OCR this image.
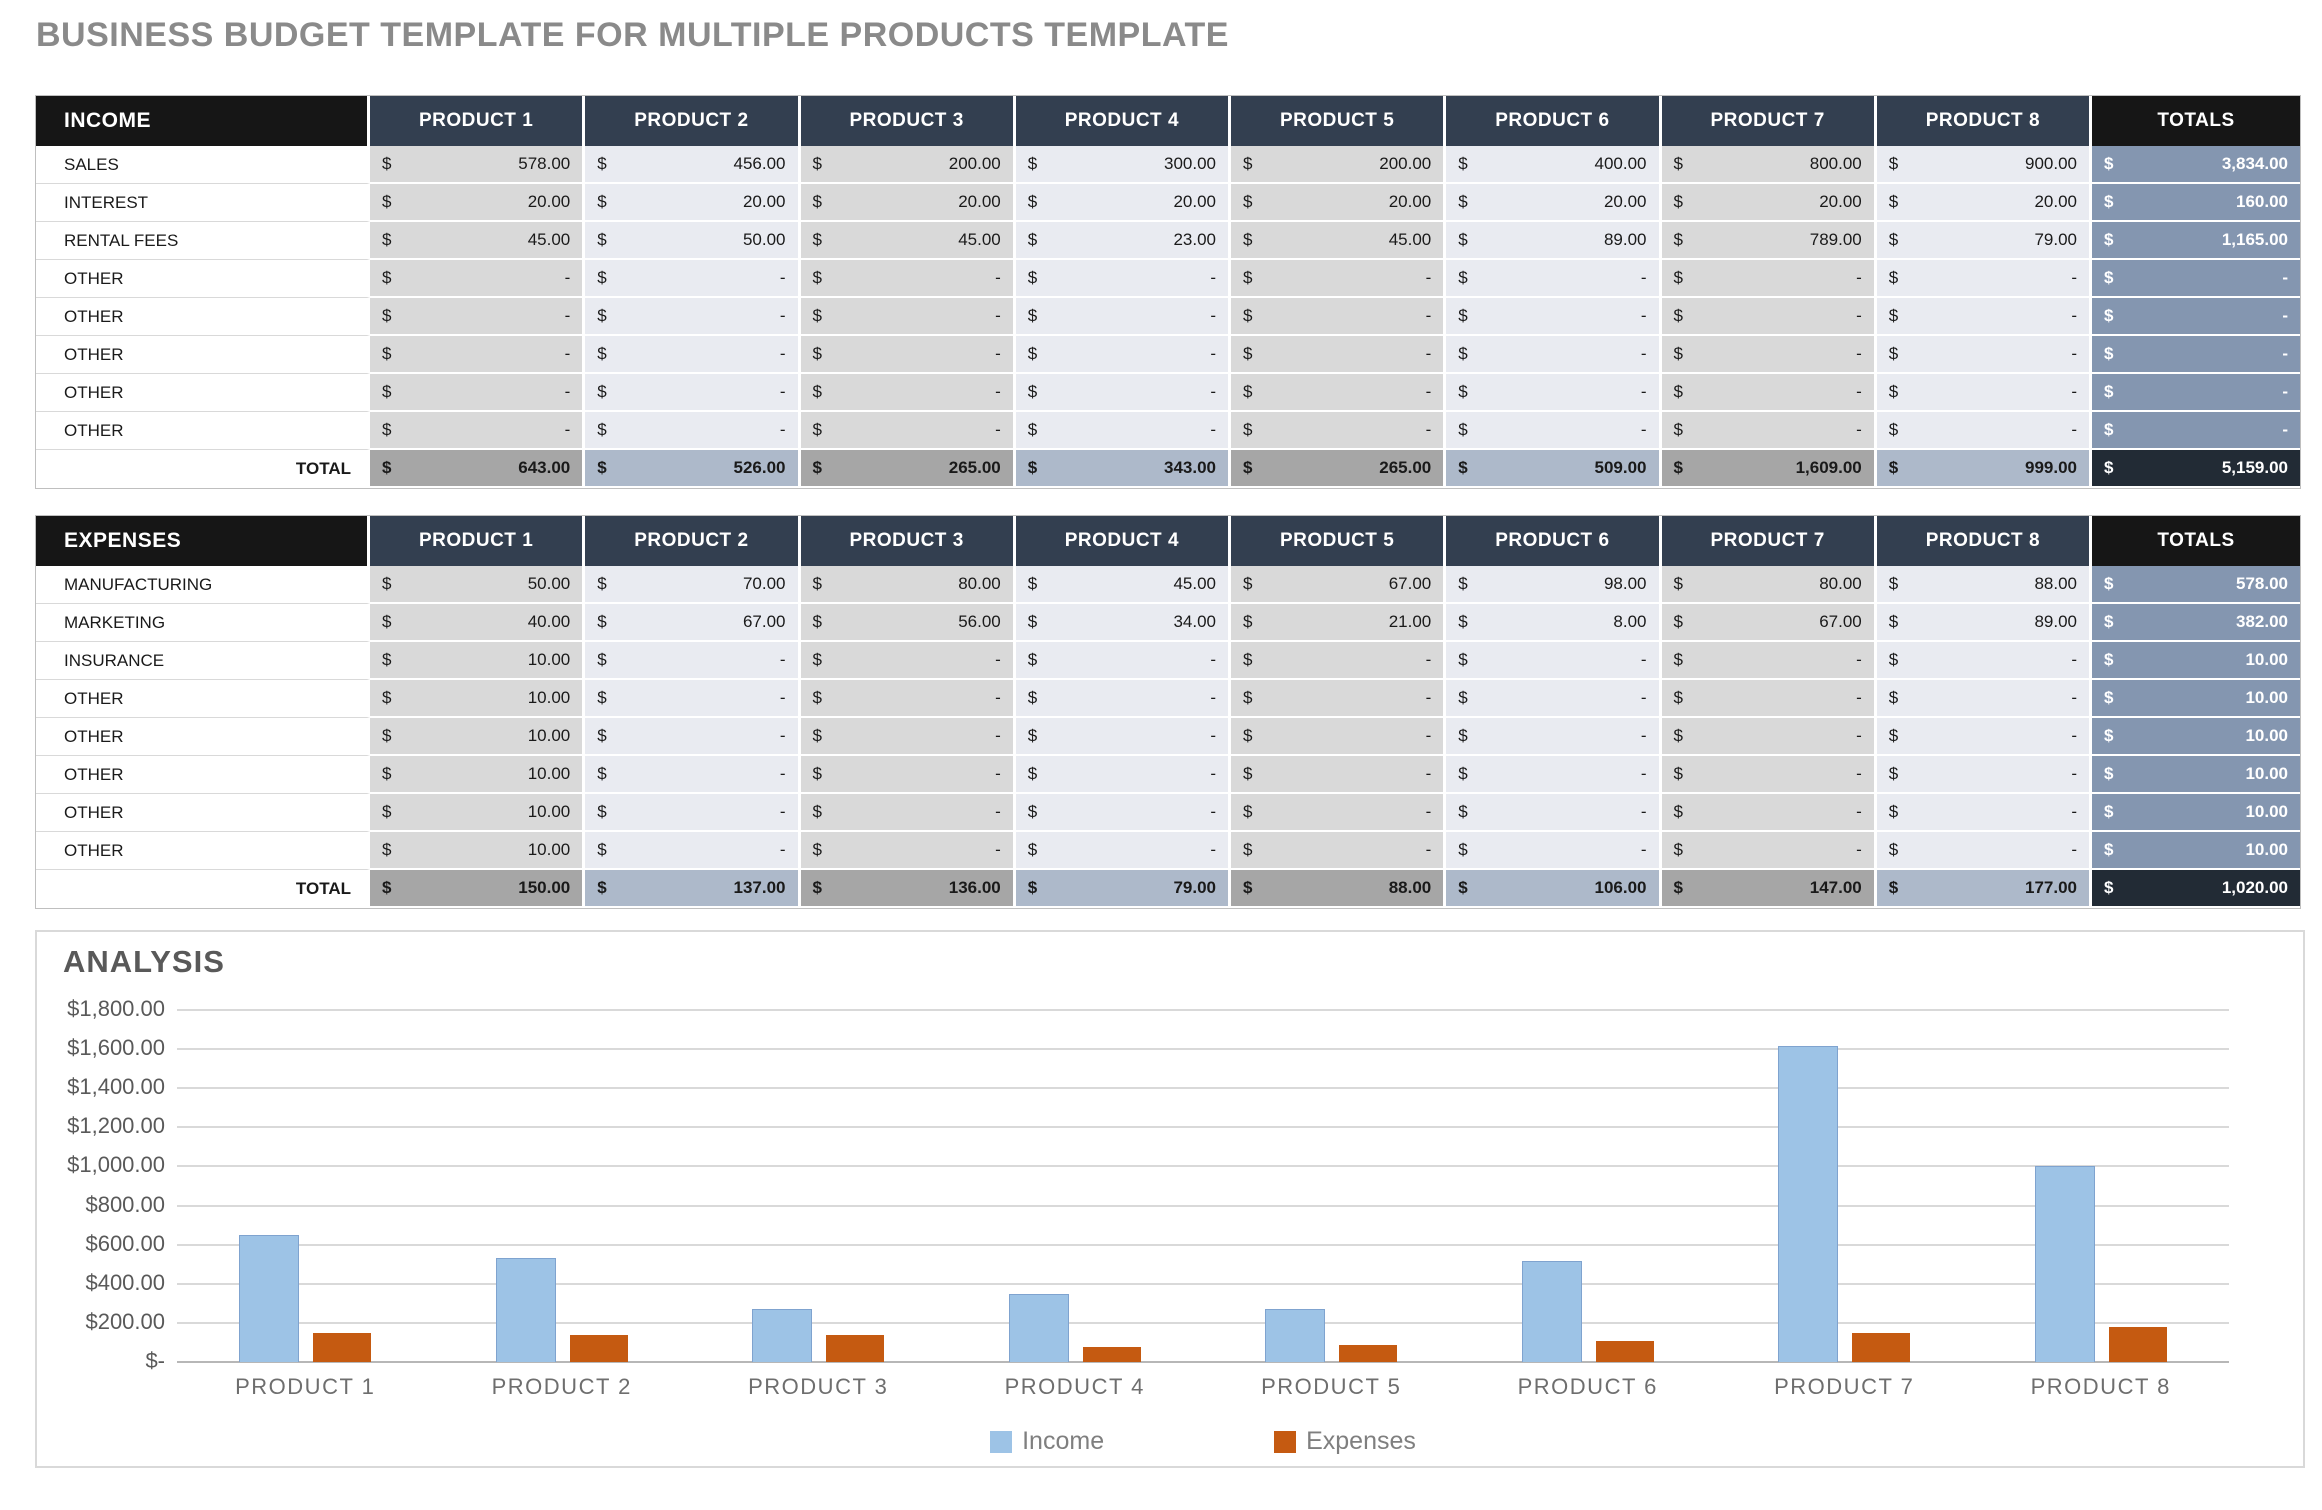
BUSINESS BUDGET TEMPLATE FOR MULTIPLE PRODUCTS TEMPLATE
INCOME	PRODUCT 1	PRODUCT 2	PRODUCT 3	PRODUCT 4	PRODUCT 5	PRODUCT 6	PRODUCT 7	PRODUCT 8	TOTALS
SALES	$ 578.00	$ 456.00	$ 200.00	$ 300.00	$ 200.00	$ 400.00	$ 800.00	$ 900.00	$ 3,834.00

INTEREST	$ 20.00	$ 20.00	$ 20.00	$ 20.00	$ 20.00	$ 20.00	$ 20.00	$ 20.00	$ 160.00

RENTAL FEES	$ 45.00	$ 50.00	$ 45.00	$ 23.00	$ 45.00	$ 89.00	$ 789.00	$ 79.00	$ 1,165.00

OTHER	$ -	$ -	$ -	$ -	$ -	$ -	$ -	$ -	$ -

OTHER	$ -	$ -	$ -	$ -	$ -	$ -	$ -	$ -	$ -

OTHER	$ -	$ -	$ -	$ -	$ -	$ -	$ -	$ -	$ -

OTHER	$ -	$ -	$ -	$ -	$ -	$ -	$ -	$ -	$ -

OTHER	$ -	$ -	$ -	$ -	$ -	$ -	$ -	$ -	$ -

TOTAL	$ 643.00	$ 526.00	$ 265.00	$ 343.00	$ 265.00	$ 509.00	$ 1,609.00	$ 999.00	$ 5,159.00
EXPENSES	PRODUCT 1	PRODUCT 2	PRODUCT 3	PRODUCT 4	PRODUCT 5	PRODUCT 6	PRODUCT 7	PRODUCT 8	TOTALS
MANUFACTURING	$ 50.00	$ 70.00	$ 80.00	$ 45.00	$ 67.00	$ 98.00	$ 80.00	$ 88.00	$ 578.00

MARKETING	$ 40.00	$ 67.00	$ 56.00	$ 34.00	$ 21.00	$ 8.00	$ 67.00	$ 89.00	$ 382.00

INSURANCE	$ 10.00	$ -	$ -	$ -	$ -	$ -	$ -	$ -	$ 10.00

OTHER	$ 10.00	$ -	$ -	$ -	$ -	$ -	$ -	$ -	$ 10.00

OTHER	$ 10.00	$ -	$ -	$ -	$ -	$ -	$ -	$ -	$ 10.00

OTHER	$ 10.00	$ -	$ -	$ -	$ -	$ -	$ -	$ -	$ 10.00

OTHER	$ 10.00	$ -	$ -	$ -	$ -	$ -	$ -	$ -	$ 10.00

OTHER	$ 10.00	$ -	$ -	$ -	$ -	$ -	$ -	$ -	$ 10.00

TOTAL	$ 150.00	$ 137.00	$ 136.00	$ 79.00	$ 88.00	$ 106.00	$ 147.00	$ 177.00	$ 1,020.00
ANALYSIS
$-
$200.00
$400.00
$600.00
$800.00
$1,000.00
$1,200.00
$1,400.00
$1,600.00
$1,800.00
PRODUCT 1	PRODUCT 2	PRODUCT 3	PRODUCT 4	PRODUCT 5	PRODUCT 6	PRODUCT 7	PRODUCT 8
Income	Expenses
